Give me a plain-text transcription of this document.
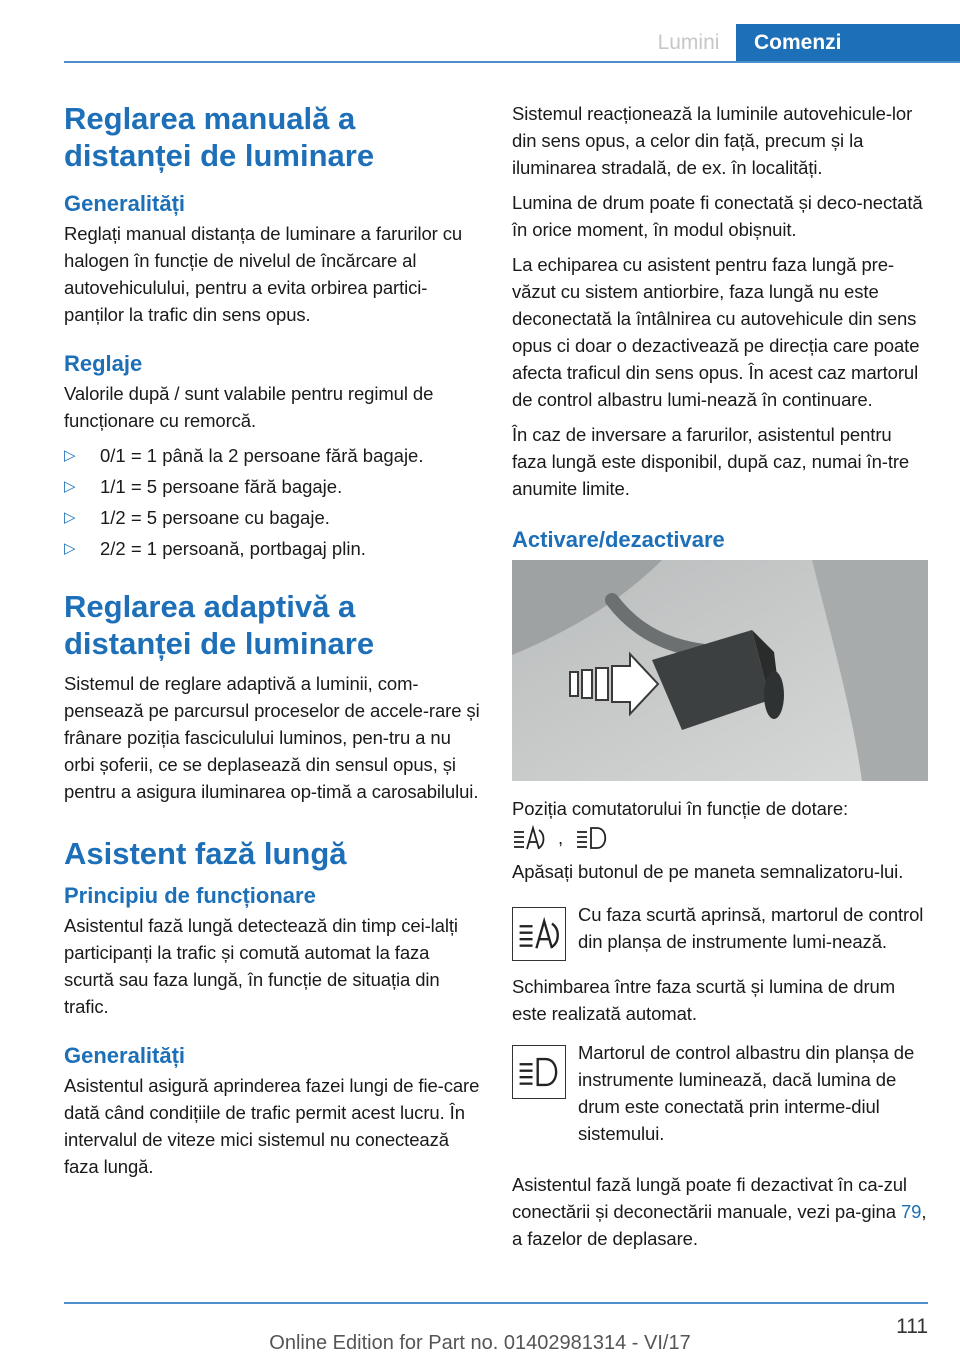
Lumini	Comenzi
Reglarea manuală a distanței de luminare
Generalități

Reglați manual distanța de luminare a farurilor cu halogen în funcție de nivelul de încărcare al autovehiculului, pentru a evita orbirea partici-panților la trafic din sens opus.

Reglaje

Valorile după / sunt valabile pentru regimul de funcționare cu remorcă.

▷ 0/1 = 1 până la 2 persoane fără bagaje.
▷ 1/1 = 5 persoane fără bagaje.
▷ 1/2 = 5 persoane cu bagaje.
▷ 2/2 = 1 persoană, portbagaj plin.
Reglarea adaptivă a distanței de luminare

Sistemul de reglare adaptivă a luminii, com-pensează pe parcursul proceselor de accele-rare și frânare poziția fasciculului luminos, pen-tru a nu orbi șoferii, ce se deplasează din sensul opus, și pentru a asigura iluminarea op-timă a carosabilului.

Asistent fază lungă
Principiu de funcționare

Asistentul fază lungă detectează din timp cei-lalți participanți la trafic și comută automat la faza scurtă sau faza lungă, în funcție de situația din trafic.

Generalități

Asistentul asigură aprinderea fazei lungi de fie-care dată când condițiile de trafic permit acest lucru. În intervalul de viteze mici sistemul nu conectează faza lungă.

Sistemul reacționează la luminile autovehicule-lor din sens opus, a celor din față, precum și la iluminarea stradală, de ex. în localități.

Lumina de drum poate fi conectată și deco-nectată în orice moment, în modul obișnuit.

La echiparea cu asistent pentru faza lungă pre-văzut cu sistem antiorbire, faza lungă nu este deconectată la întâlnirea cu autovehicule din sens opus ci doar o dezactivează pe direcția care poate afecta traficul din sens opus. În acest caz martorul de control albastru lumi-nează în continuare.

În caz de inversare a farurilor, asistentul pentru faza lungă este disponibil, după caz, numai în-tre anumite limite.

Activare/dezactivare

Poziția comutatorului în funcție de dotare:

,

Apăsați butonul de pe maneta semnalizatoru-lui.

Cu faza scurtă aprinsă, martorul de control din planșa de instrumente lumi-nează.

Schimbarea între faza scurtă și lumina de drum este realizată automat.

Martorul de control albastru din planșa de instrumente luminează, dacă lumina de drum este conectată prin interme-diul sistemului.

Asistentul fază lungă poate fi dezactivat în ca-zul conectării și deconectării manuale, vezi pa-gina 79, a fazelor de deplasare.

111
Online Edition for Part no. 01402981314 - VI/17
